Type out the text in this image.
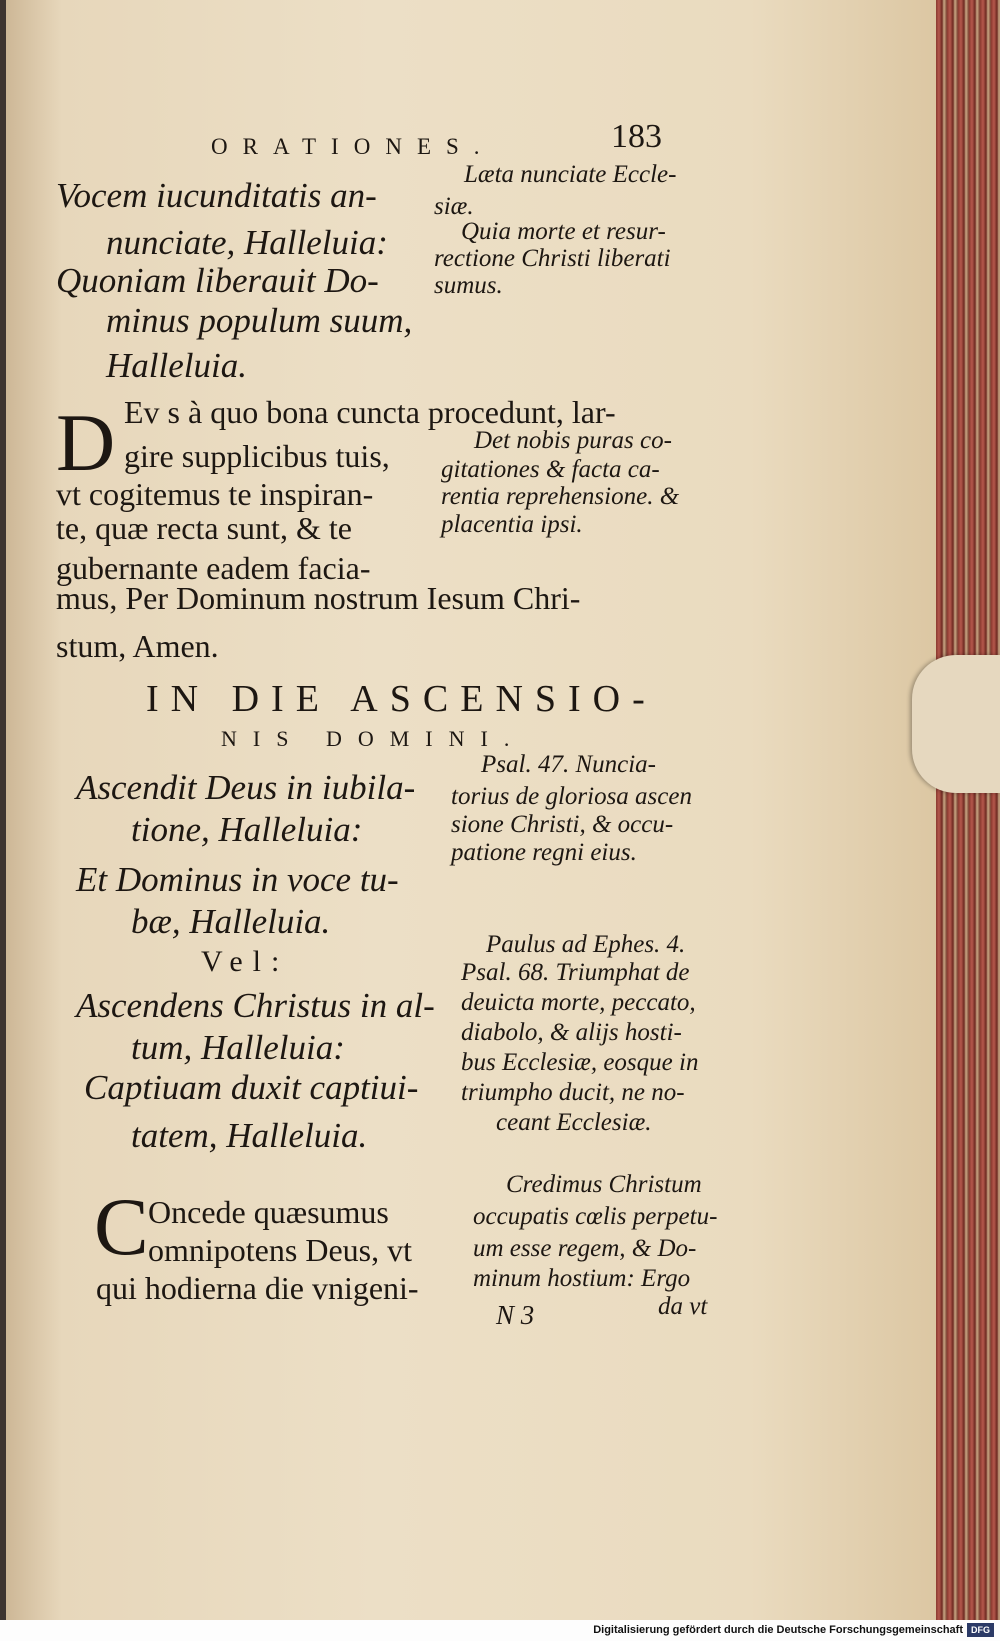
ORATIONES.	183
Vocem iucunditatis an-
nunciate, Halleluia:
Quoniam liberauit Do-
minus populum suum,
Halleluia.
Læta nunciate Eccle-
siæ.
Quia morte et resur-
rectione Christi liberati
sumus.
D Ev s à quo bona cuncta procedunt, lar-
gire supplicibus tuis,
vt cogitemus te inspiran-
te, quæ recta sunt, & te
gubernante eadem facia-
mus, Per Dominum nostrum Iesum Chri-
stum, Amen.
Det nobis puras co-
gitationes & facta ca-
rentia reprehensione. &
placentia ipsi.
IN DIE ASCENSIO-
NIS DOMINI.
Ascendit Deus in iubila-
tione, Halleluia:
Et Dominus in voce tu-
bæ, Halleluia.
Psal. 47. Nuncia-
torius de gloriosa ascen
sione Christi, & occu-
patione regni eius.
Vel:
Ascendens Christus in al-
tum, Halleluia:
Captiuam duxit captiui-
tatem, Halleluia.
Paulus ad Ephes. 4.
Psal. 68. Triumphat de
deuicta morte, peccato,
diabolo, & alijs hosti-
bus Ecclesiæ, eosque in
triumpho ducit, ne no-
ceant Ecclesiæ.
C Oncede quæsumus
omnipotens Deus, vt
qui hodierna die vnigeni-
Credimus Christum
occupatis cœlis perpetu-
um esse regem, & Do-
minum hostium: Ergo
da vt
N 3
Digitalisierung gefördert durch die Deutsche Forschungsgemeinschaft DFG
